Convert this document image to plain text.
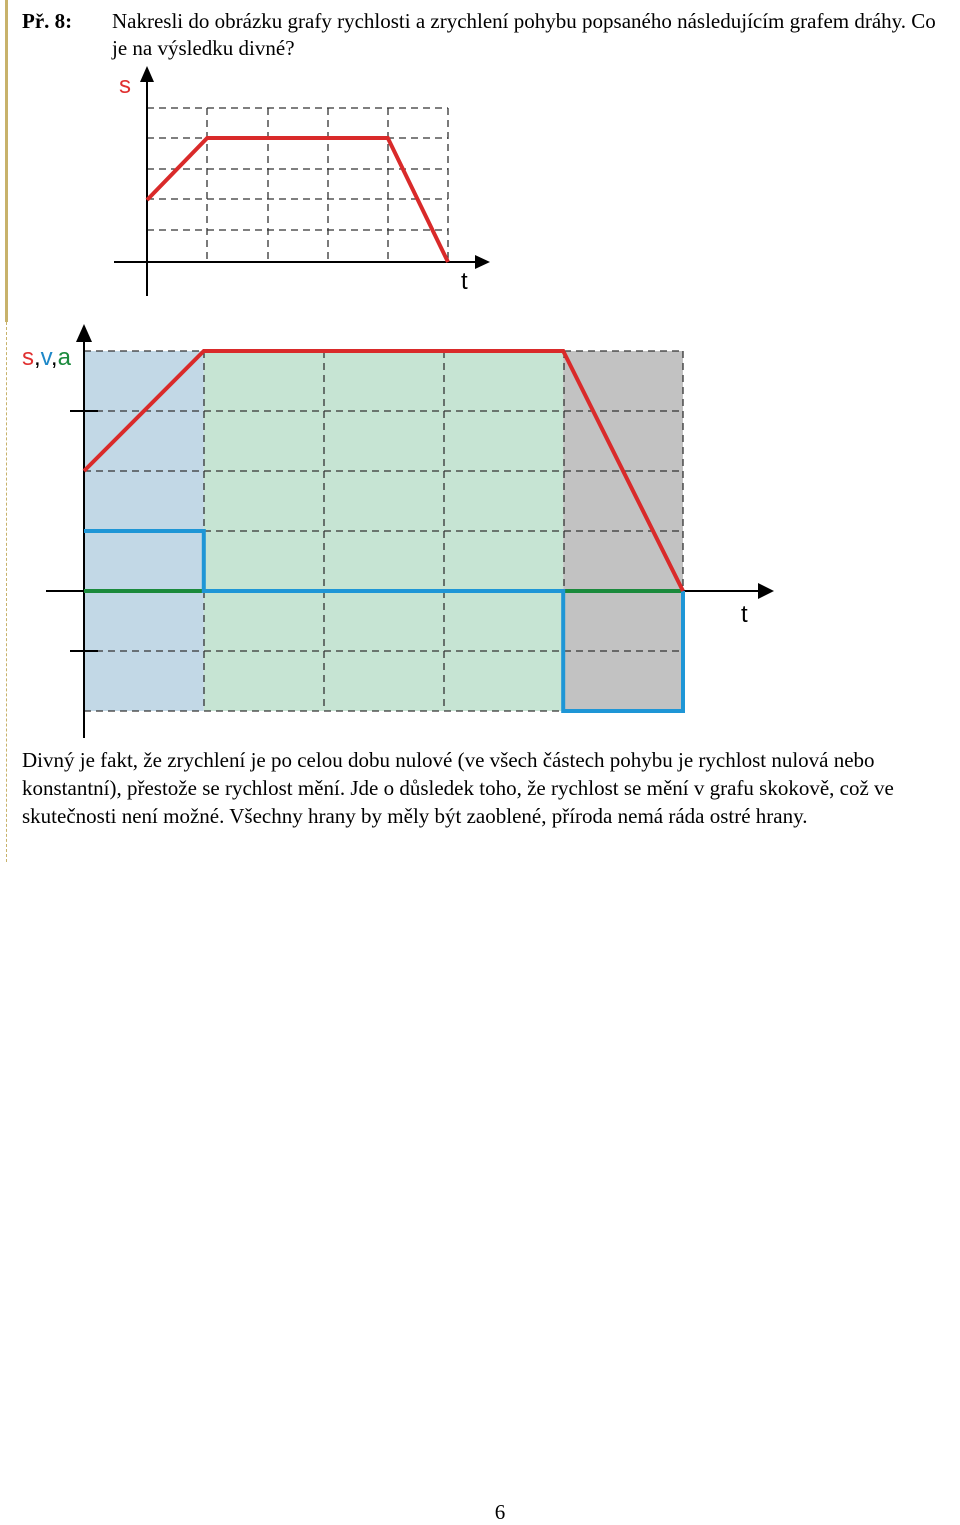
Př. 8: Nakresli do obrázku grafy rychlosti a zrychlení pohybu popsaného následujícím grafem dráhy. Co je na výsledku divné?
s
t
s,v,a
t
Divný je fakt, že zrychlení je po celou dobu nulové (ve všech částech pohybu je rychlost nulová nebo konstantní), přestože se rychlost mění. Jde o důsledek toho, že rychlost se mění v grafu skokově, což ve skutečnosti není možné. Všechny hrany by měly být zaoblené, příroda nemá ráda ostré hrany.
6
